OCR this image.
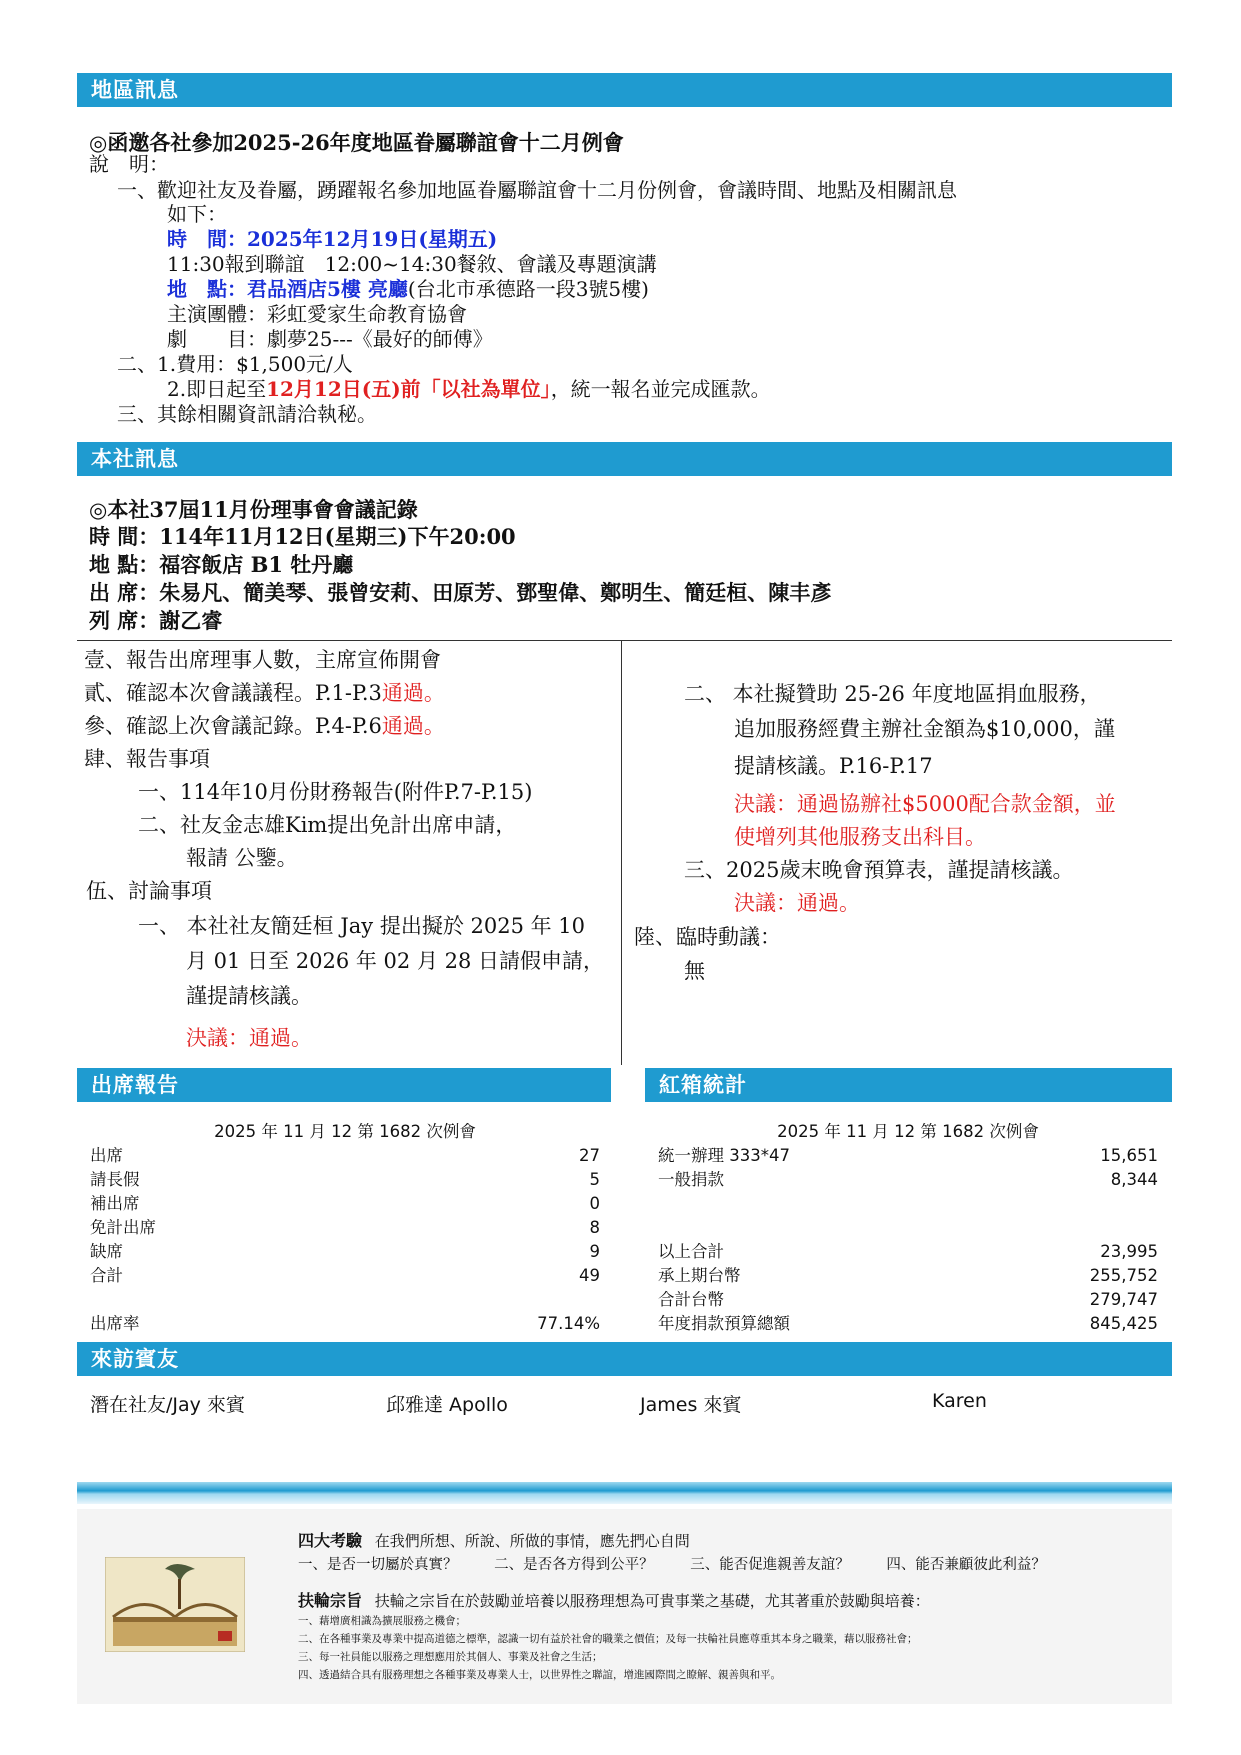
地區訊息
◎函邀各社參加2025-26年度地區眷屬聯誼會十二月例會
說　明：
一、歡迎社友及眷屬，踴躍報名參加地區眷屬聯誼會十二月份例會，會議時間、地點及相關訊息
如下：
時　間：2025年12月19日(星期五)
11:30報到聯誼　12:00~14:30餐敘、會議及專題演講
地　點：君品酒店5樓 亮廳(台北市承德路一段3號5樓)
主演團體：彩虹愛家生命教育協會
劇　　目：劇夢25---《最好的師傅》
二、1.費用：$1,500元/人
2.即日起至12月12日(五)前「以社為單位」，統一報名並完成匯款。
三、其餘相關資訊請洽執秘。
本社訊息
◎本社37屆11月份理事會會議記錄
時 間：114年11月12日(星期三)下午20:00
地 點：福容飯店 B1 牡丹廳
出 席：朱易凡、簡美琴、張曾安莉、田原芳、鄧聖偉、鄭明生、簡廷桓、陳丰彥
列 席：謝乙睿
壹、報告出席理事人數，主席宣佈開會
貳、確認本次會議議程。P.1-P.3通過。
參、確認上次會議記錄。P.4-P.6通過。
肆、報告事項
一、114年10月份財務報告(附件P.7-P.15)
二、社友金志雄Kim提出免計出席申請，
報請 公鑒。
伍、討論事項
一、 本社社友簡廷桓 Jay 提出擬於 2025 年 10
月 01 日至 2026 年 02 月 28 日請假申請，
謹提請核議。
決議：通過。
二、 本社擬贊助 25-26 年度地區捐血服務，
追加服務經費主辦社金額為$10,000，謹
提請核議。P.16-P.17
決議：通過協辦社$5000配合款金額，並
使增列其他服務支出科目。
三、2025歲末晚會預算表，謹提請核議。
決議：通過。
陸、臨時動議：
無
出席報告	紅箱統計
2025 年 11 月 12 第 1682 次例會
出席	27
請長假	5
補出席	0
免計出席	8
缺席	9
合計	49
出席率	77.14%
2025 年 11 月 12 第 1682 次例會
統一辦理 333*47	15,651
一般捐款	8,344
以上合計	23,995
承上期台幣	255,752
合計台幣	279,747
年度捐款預算總額	845,425
來訪賓友
潛在社友/Jay 來賓	邱雅達 Apollo	James 來賓	Karen
四大考驗 在我們所想、所說、所做的事情，應先捫心自問
一、是否一切屬於真實？	二、是否各方得到公平？	三、能否促進親善友誼？	四、能否兼顧彼此利益？
扶輪宗旨 扶輪之宗旨在於鼓勵並培養以服務理想為可貴事業之基礎，尤其著重於鼓勵與培養：
一、藉增廣相識為擴展服務之機會；
二、在各種事業及專業中提高道德之標準，認識一切有益於社會的職業之價值；及每一扶輪社員應尊重其本身之職業，藉以服務社會；
三、每一社員能以服務之理想應用於其個人、事業及社會之生活；
四、透過結合具有服務理想之各種事業及專業人士，以世界性之聯誼，增進國際間之瞭解、親善與和平。
